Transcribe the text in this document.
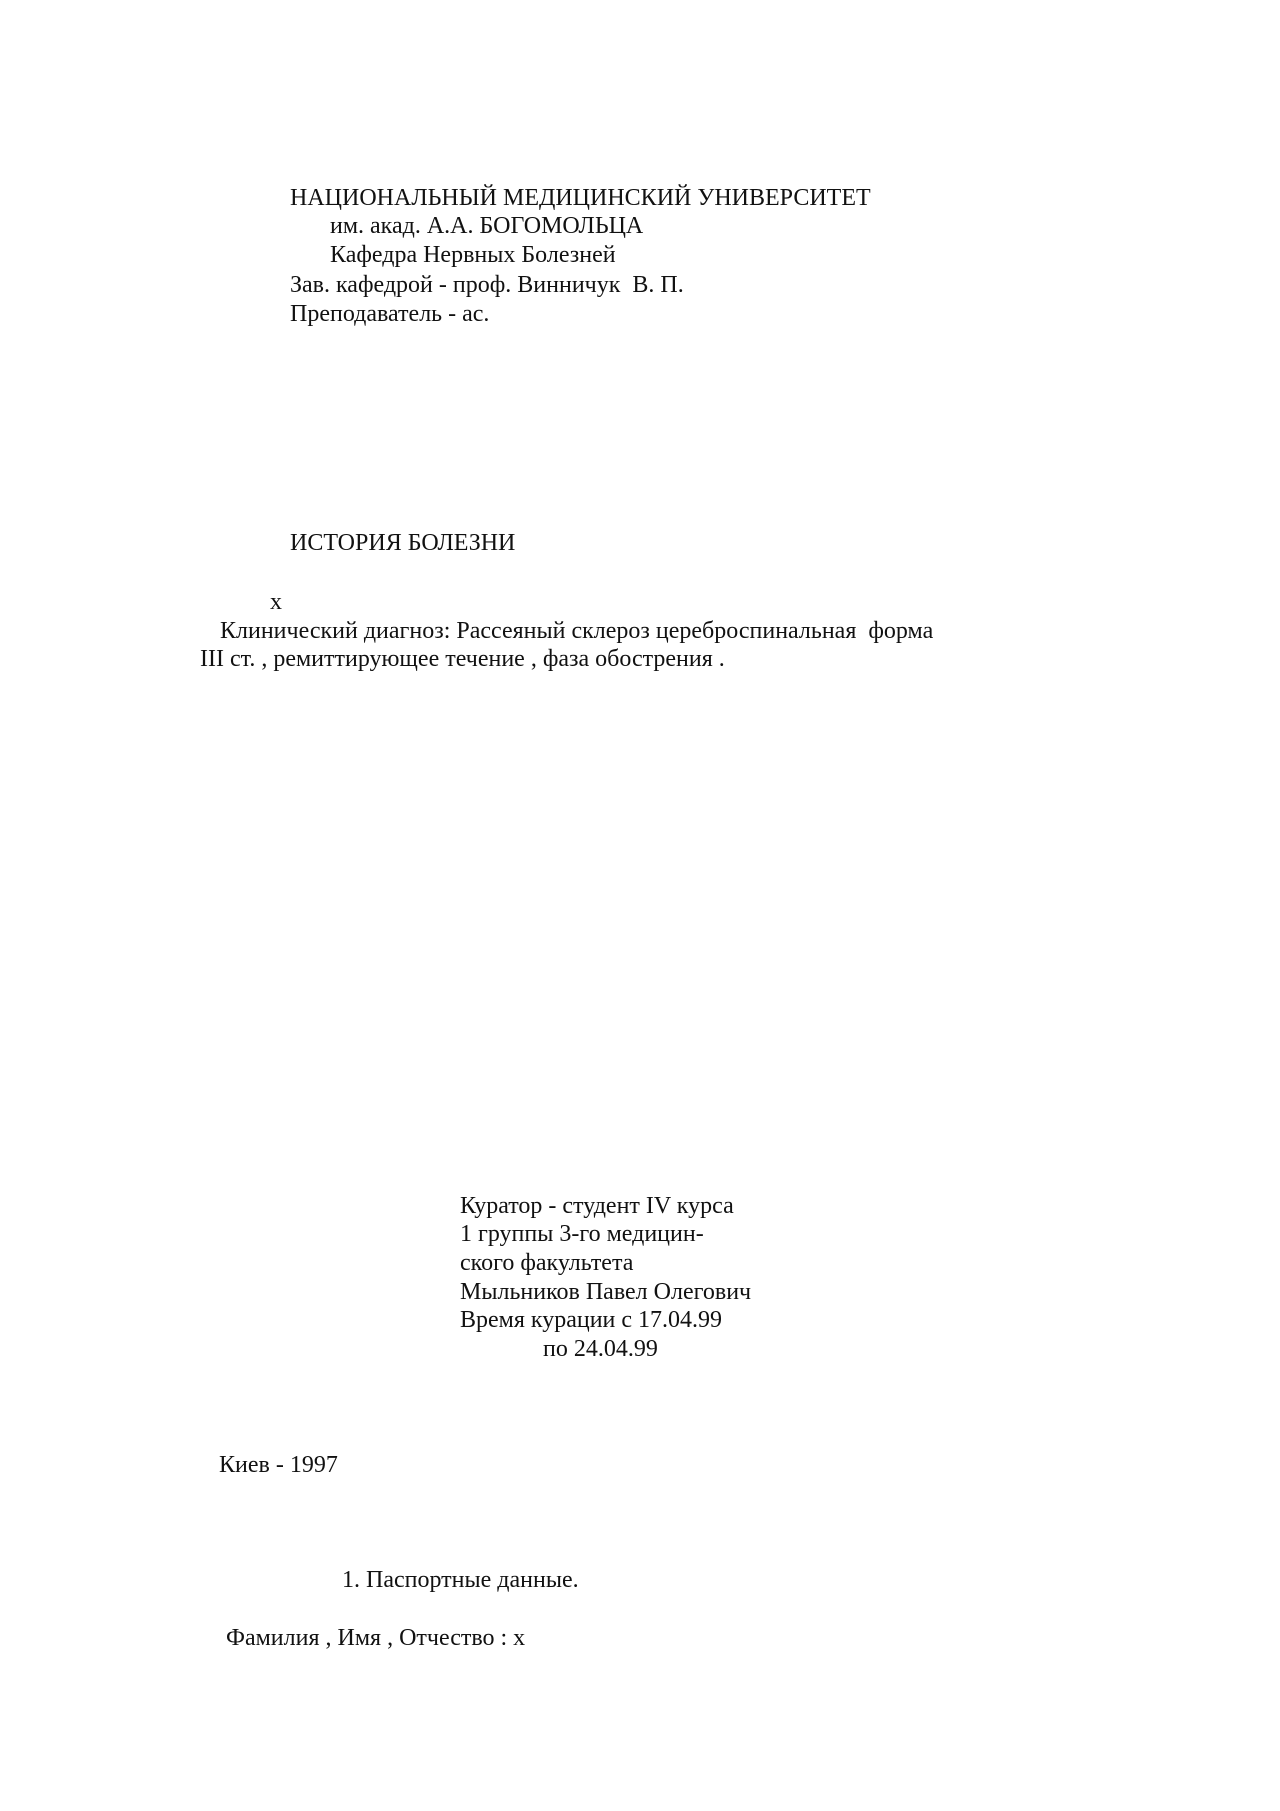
НАЦИОНАЛЬНЫЙ МЕДИЦИНСКИЙ УНИВЕРСИТЕТ
им. акад. А.А. БОГОМОЛЬЦА
Кафедра Нервных Болезней
Зав. кафедрой - проф. Винничук  В. П.
Преподаватель - ас.
ИСТОРИЯ БОЛЕЗНИ
x
Клинический диагноз: Рассеяный склероз цереброспинальная  форма
III ст. , ремиттирующее течение , фаза обострения .
Куратор - студент IV курса
1 группы 3-го медицин-
ского факультета
Мыльников Павел Олегович
Время курации с 17.04.99
по 24.04.99
Киев - 1997
1. Паспортные данные.
Фамилия , Имя , Отчество : x
